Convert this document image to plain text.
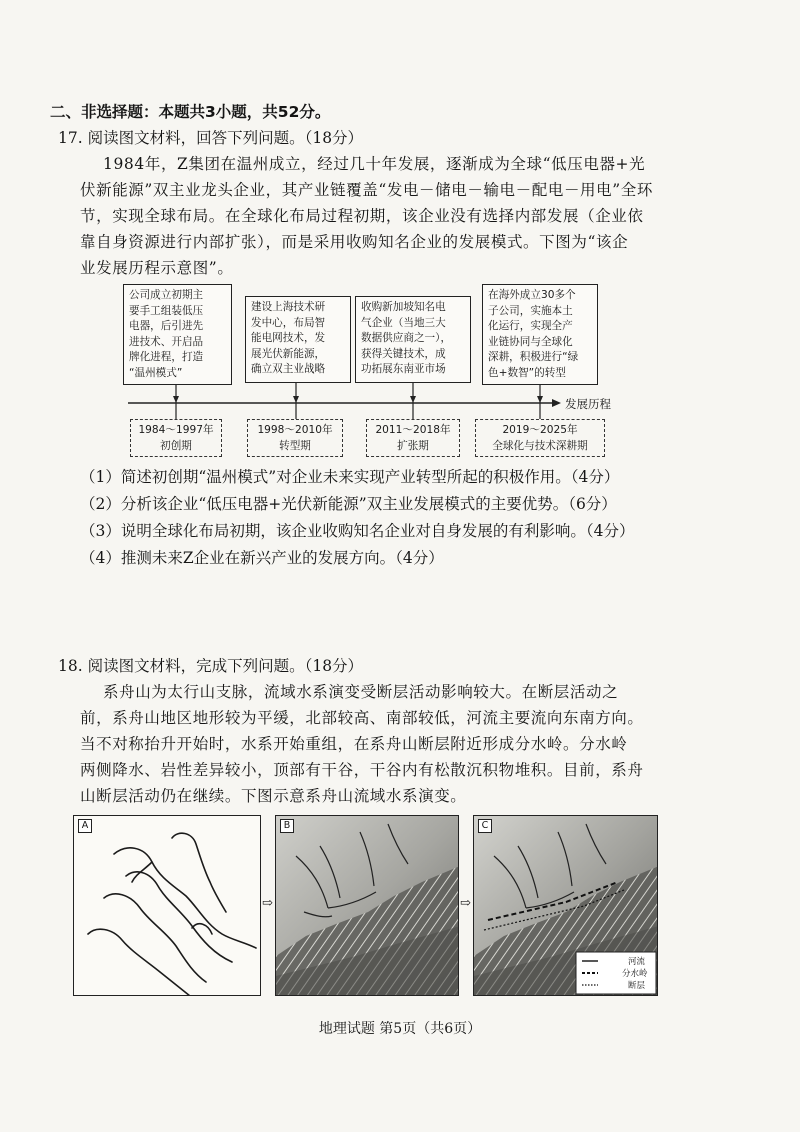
二、非选择题：本题共3小题，共52分。
17. 阅读图文材料，回答下列问题。（18分）
1984年，Z集团在温州成立，经过几十年发展，逐渐成为全球“低压电器+光
伏新能源”双主业龙头企业，其产业链覆盖“发电－储电－输电－配电－用电”全环
节，实现全球布局。在全球化布局过程初期，该企业没有选择内部发展（企业依
靠自身资源进行内部扩张），而是采用收购知名企业的发展模式。下图为“该企
业发展历程示意图”。

公司成立初期主

要手工组装低压

电器，后引进先

进技术、开启品

牌化进程，打造

“温州模式”

建设上海技术研

发中心，布局智

能电网技术，发

展光伏新能源，

确立双主业战略

收购新加坡知名电

气企业（当地三大

数据供应商之一），

获得关键技术，成

功拓展东南亚市场

在海外成立30多个

子公司，实施本土

化运行，实现全产

业链协同与全球化

深耕，积极进行“绿

色+数智”的转型

发展历程
1984～1997年
初创期
1998～2010年
转型期
2011～2018年
扩张期
2019～2025年
全球化与技术深耕期
（1）简述初创期“温州模式”对企业未来实现产业转型所起的积极作用。（4分）
（2）分析该企业“低压电器+光伏新能源”双主业发展模式的主要优势。（6分）
（3）说明全球化布局初期，该企业收购知名企业对自身发展的有利影响。（4分）
（4）推测未来Z企业在新兴产业的发展方向。（4分）
18. 阅读图文材料，完成下列问题。（18分）
系舟山为太行山支脉，流域水系演变受断层活动影响较大。在断层活动之
前，系舟山地区地形较为平缓，北部较高、南部较低，河流主要流向东南方向。
当不对称抬升开始时，水系开始重组，在系舟山断层附近形成分水岭。分水岭
两侧降水、岩性差异较小，顶部有干谷，干谷内有松散沉积物堆积。目前，系舟
山断层活动仍在继续。下图示意系舟山流域水系演变。
A
⇨
B
⇨
C
河流
分水岭
断层
地理试题 第5页（共6页）
